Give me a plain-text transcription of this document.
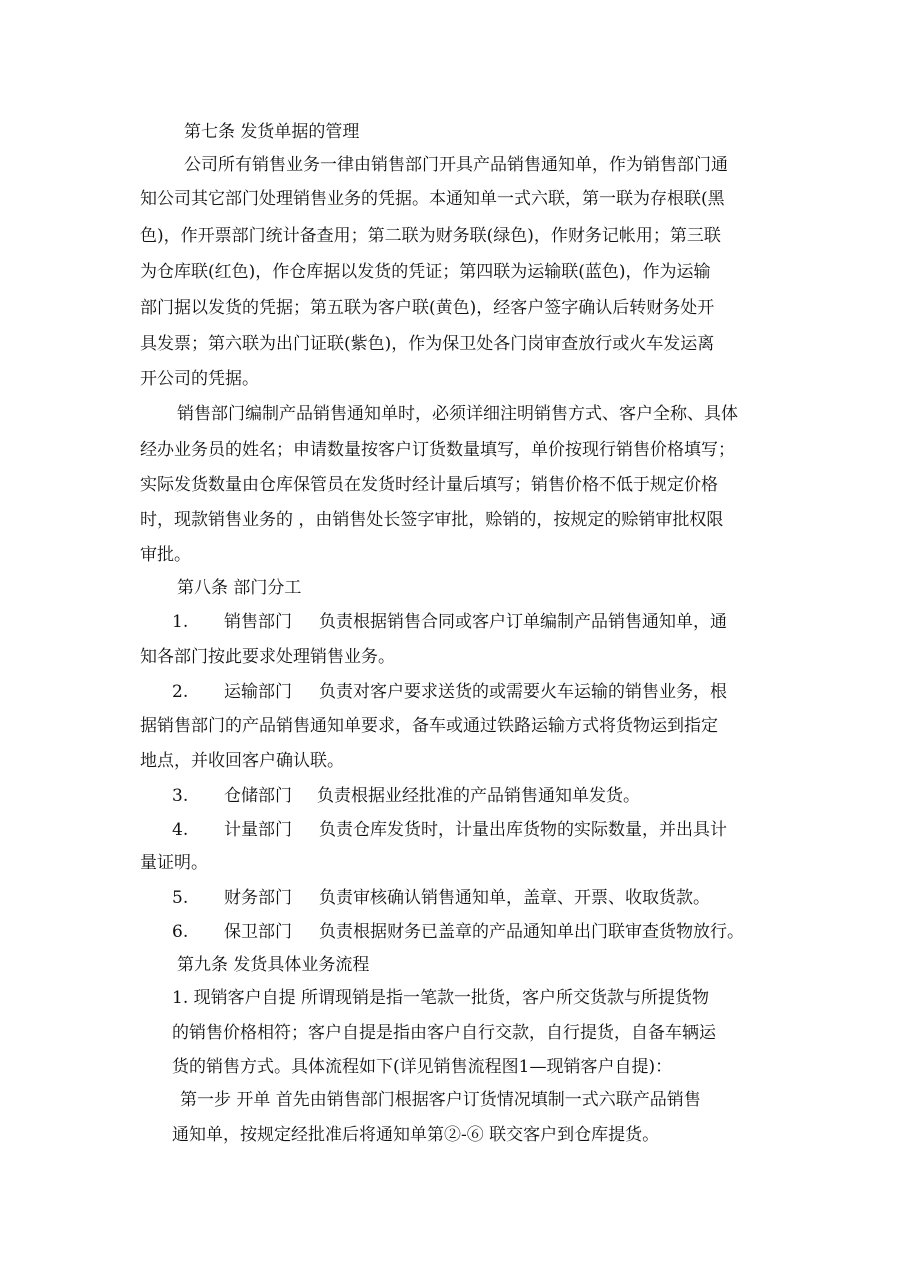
第七条 发货单据的管理
公司所有销售业务一律由销售部门开具产品销售通知单，作为销售部门通
知公司其它部门处理销售业务的凭据。本通知单一式六联，第一联为存根联(黑
色)，作开票部门统计备查用；第二联为财务联(绿色)，作财务记帐用；第三联
为仓库联(红色)，作仓库据以发货的凭证；第四联为运输联(蓝色)，作为运输
部门据以发货的凭据；第五联为客户联(黄色)，经客户签字确认后转财务处开
具发票；第六联为出门证联(紫色)，作为保卫处各门岗审查放行或火车发运离
开公司的凭据。
销售部门编制产品销售通知单时，必须详细注明销售方式、客户全称、具体
经办业务员的姓名；申请数量按客户订货数量填写，单价按现行销售价格填写；
实际发货数量由仓库保管员在发货时经计量后填写；销售价格不低于规定价格
时，现款销售业务的 ，由销售处长签字审批，赊销的，按规定的赊销审批权限
审批。
第八条 部门分工
1. 销售部门 负责根据销售合同或客户订单编制产品销售通知单，通
知各部门按此要求处理销售业务。
2. 运输部门 负责对客户要求送货的或需要火车运输的销售业务，根
据销售部门的产品销售通知单要求，备车或通过铁路运输方式将货物运到指定
地点，并收回客户确认联。
3. 仓储部门 负责根据业经批准的产品销售通知单发货。
4. 计量部门 负责仓库发货时，计量出库货物的实际数量，并出具计
量证明。
5. 财务部门 负责审核确认销售通知单，盖章、开票、收取货款。
6. 保卫部门 负责根据财务已盖章的产品通知单出门联审查货物放行。
第九条 发货具体业务流程
1. 现销客户自提 所谓现销是指一笔款一批货，客户所交货款与所提货物
的销售价格相符；客户自提是指由客户自行交款，自行提货，自备车辆运
货的销售方式。具体流程如下(详见销售流程图1—现销客户自提)：
第一步 开单 首先由销售部门根据客户订货情况填制一式六联产品销售
通知单，按规定经批准后将通知单第②-⑥ 联交客户到仓库提货。
